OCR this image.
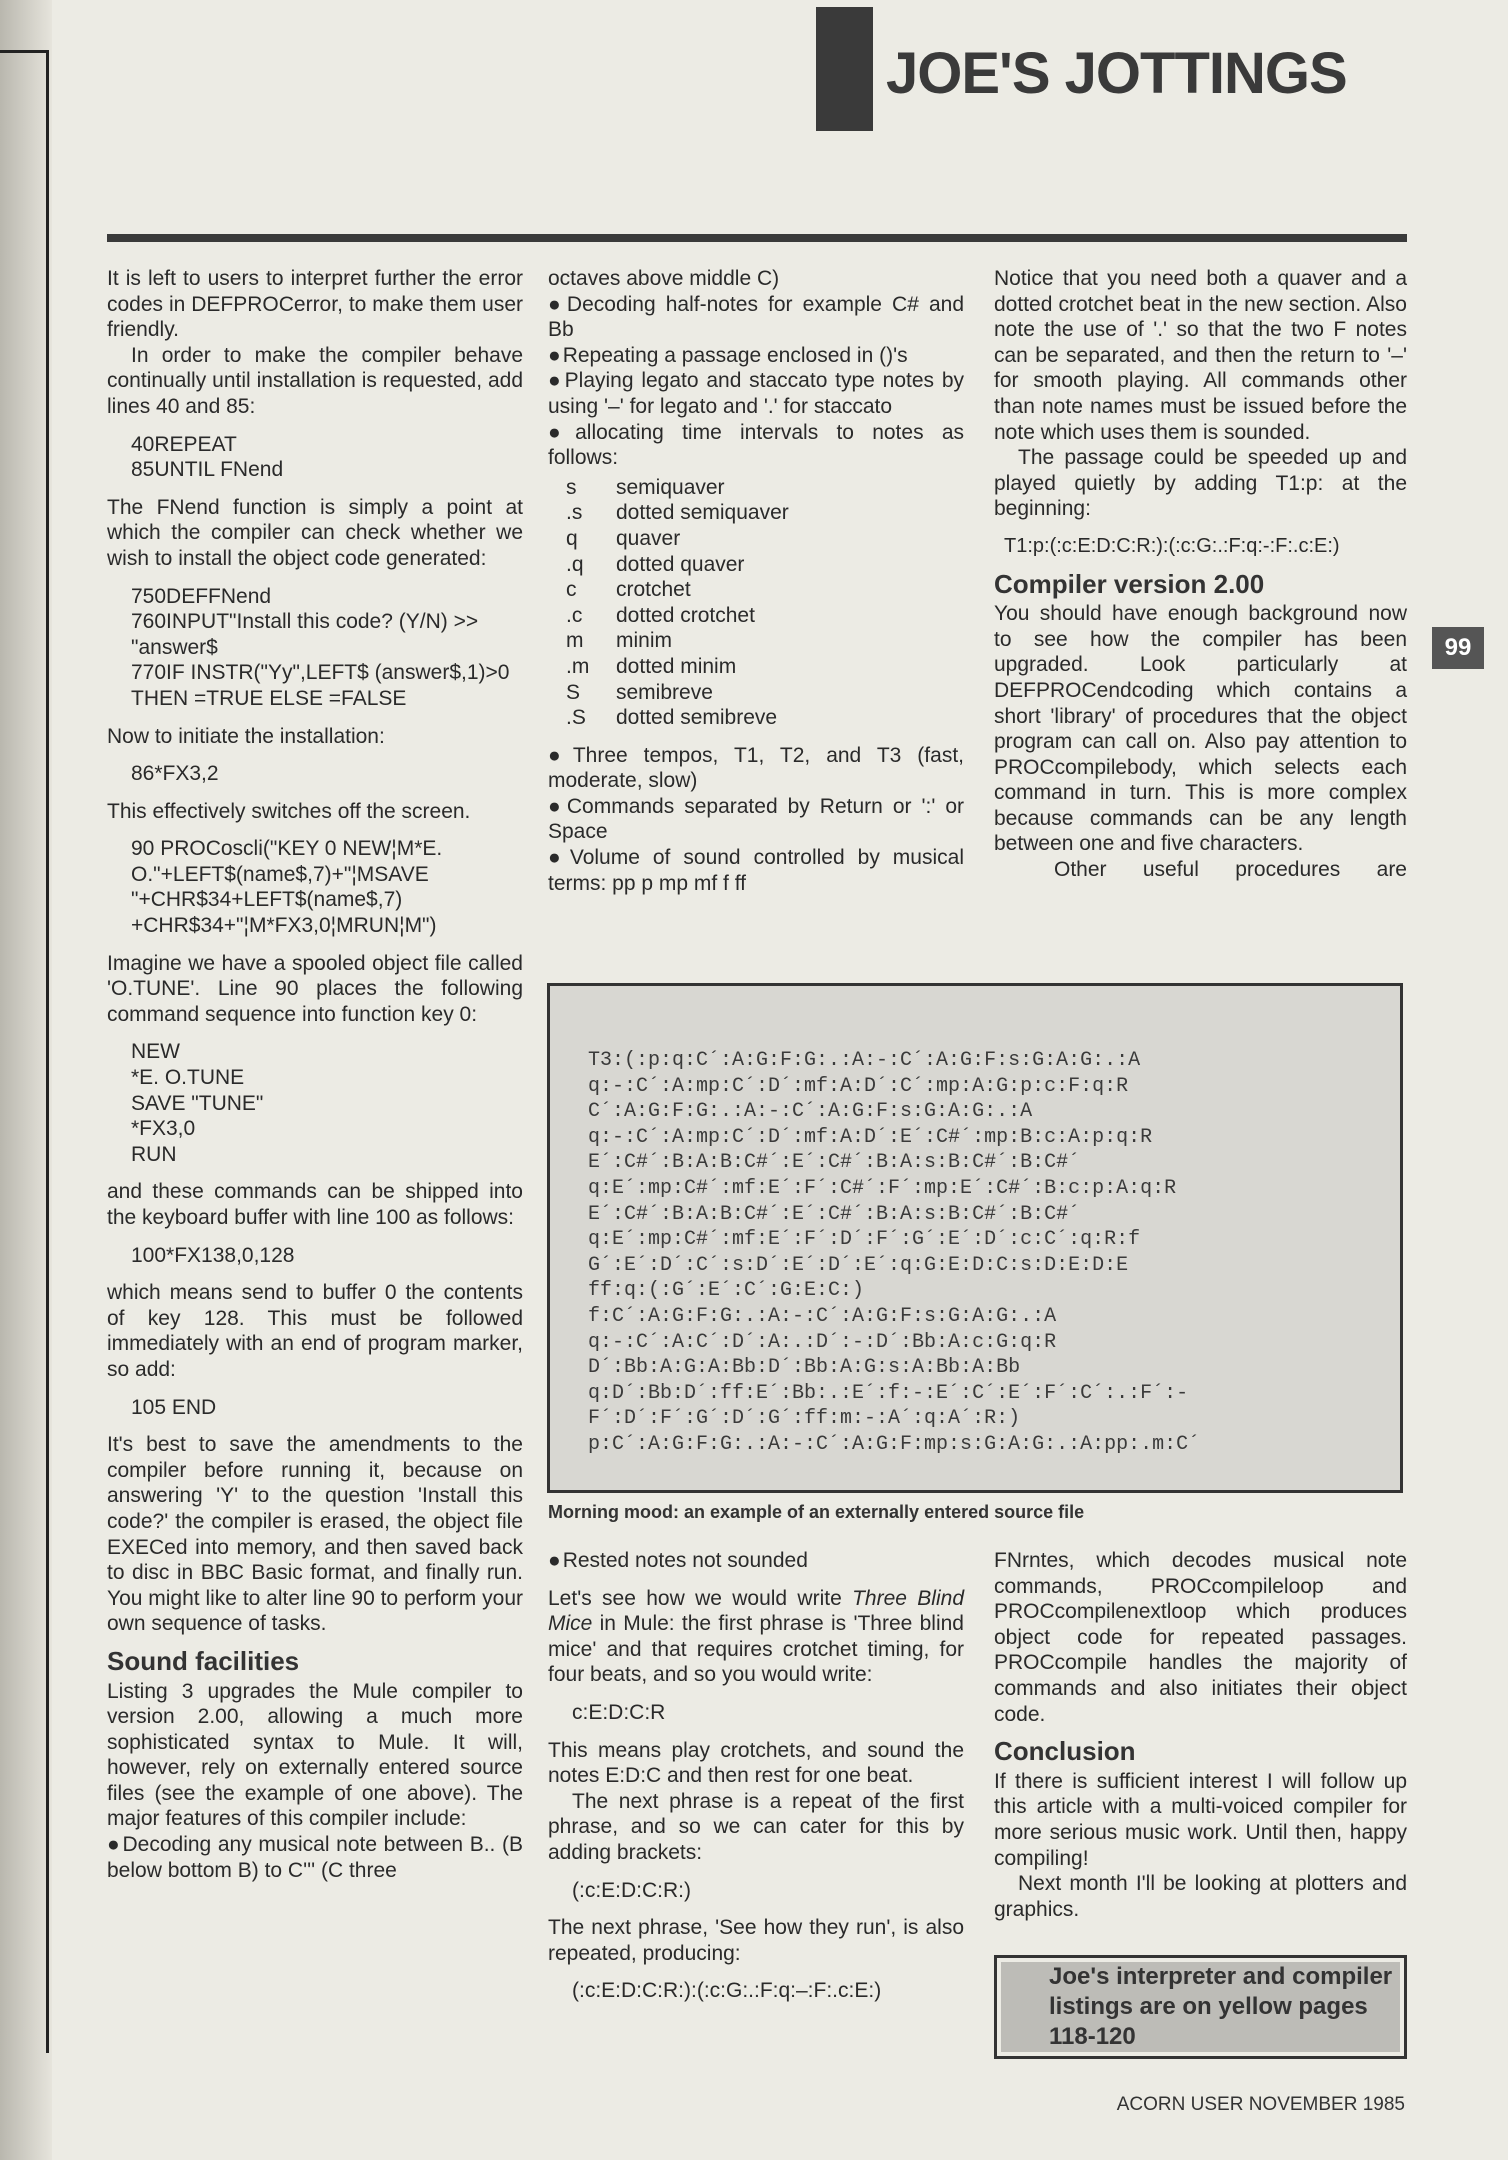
JOE'S JOTTINGS
99

It is left to users to interpret further the error codes in DEFPROCerror, to make them user friendly.

In order to make the compiler behave continually until installation is requested, add lines 40 and 85:

40REPEAT
85UNTIL FNend

The FNend function is simply a point at which the compiler can check whether we wish to install the object code generated:

750DEFFNend
760INPUT"Install this code? (Y/N) >> "answer$
770IF INSTR("Yy",LEFT$ (answer$,1)>0 THEN =TRUE ELSE =FALSE

Now to initiate the installation:

86*FX3,2

This effectively switches off the screen.

90 PROCoscli("KEY 0 NEW¦M*E. O."+LEFT$(name$,7)+"¦MSAVE "+CHR$34+LEFT$(name$,7) +CHR$34+"¦M*FX3,0¦MRUN¦M")

Imagine we have a spooled object file called 'O.TUNE'. Line 90 places the following command sequence into function key 0:

NEW
*E. O.TUNE
SAVE "TUNE"
*FX3,0
RUN

and these commands can be shipped into the keyboard buffer with line 100 as follows:

100*FX138,0,128

which means send to buffer 0 the contents of key 128. This must be followed immediately with an end of program marker, so add:

105 END

It's best to save the amendments to the compiler before running it, because on answering 'Y' to the question 'Install this code?' the compiler is erased, the object file EXECed into memory, and then saved back to disc in BBC Basic format, and finally run. You might like to alter line 90 to perform your own sequence of tasks.

Sound facilities

Listing 3 upgrades the Mule compiler to version 2.00, allowing a much more sophisticated syntax to Mule. It will, however, rely on externally entered source files (see the example of one above). The major features of this compiler include:

● Decoding any musical note between B.. (B below bottom B) to C''' (C three

octaves above middle C)

● Decoding half-notes for example C# and Bb

● Repeating a passage enclosed in ()'s

● Playing legato and staccato type notes by using '–' for legato and '.' for staccato

● allocating time intervals to notes as follows:

s	semiquaver
.s	dotted semiquaver
q	quaver
.q	dotted quaver
c	crotchet
.c	dotted crotchet
m	minim
.m	dotted minim
S	semibreve
.S	dotted semibreve

● Three tempos, T1, T2, and T3 (fast, moderate, slow)

● Commands separated by Return or ':' or Space

● Volume of sound controlled by musical terms: pp p mp mf f ff

Notice that you need both a quaver and a dotted crotchet beat in the new section. Also note the use of '.' so that the two F notes can be separated, and then the return to '–' for smooth playing. All commands other than note names must be issued before the note which uses them is sounded.

The passage could be speeded up and played quietly by adding T1:p: at the beginning:

T1:p:(:c:E:D:C:R:):(:c:G:.:F:q:-:F:.c:E:)
Compiler version 2.00

You should have enough background now to see how the compiler has been upgraded. Look particularly at DEFPROCendcoding which contains a short 'library' of procedures that the object program can call on. Also pay attention to PROCcompilebody, which selects each command in turn. This is more complex because commands can be any length between one and five characters.

Other useful procedures are

T3:(:p:q:C´:A:G:F:G:.:A:-:C´:A:G:F:s:G:A:G:.:A
q:-:C´:A:mp:C´:D´:mf:A:D´:C´:mp:A:G:p:c:F:q:R
C´:A:G:F:G:.:A:-:C´:A:G:F:s:G:A:G:.:A
q:-:C´:A:mp:C´:D´:mf:A:D´:E´:C#´:mp:B:c:A:p:q:R
E´:C#´:B:A:B:C#´:E´:C#´:B:A:s:B:C#´:B:C#´
q:E´:mp:C#´:mf:E´:F´:C#´:F´:mp:E´:C#´:B:c:p:A:q:R
E´:C#´:B:A:B:C#´:E´:C#´:B:A:s:B:C#´:B:C#´
q:E´:mp:C#´:mf:E´:F´:D´:F´:G´:E´:D´:c:C´:q:R:f
G´:E´:D´:C´:s:D´:E´:D´:E´:q:G:E:D:C:s:D:E:D:E
ff:q:(:G´:E´:C´:G:E:C:)
f:C´:A:G:F:G:.:A:-:C´:A:G:F:s:G:A:G:.:A
q:-:C´:A:C´:D´:A:.:D´:-:D´:Bb:A:c:G:q:R
D´:Bb:A:G:A:Bb:D´:Bb:A:G:s:A:Bb:A:Bb
q:D´:Bb:D´:ff:E´:Bb:.:E´:f:-:E´:C´:E´:F´:C´:.:F´:-
F´:D´:F´:G´:D´:G´:ff:m:-:A´:q:A´:R:)
p:C´:A:G:F:G:.:A:-:C´:A:G:F:mp:s:G:A:G:.:A:pp:.m:C´
Morning mood: an example of an externally entered source file

● Rested notes not sounded

Let's see how we would write Three Blind Mice in Mule: the first phrase is 'Three blind mice' and that requires crotchet timing, for four beats, and so you would write:

c:E:D:C:R

This means play crotchets, and sound the notes E:D:C and then rest for one beat.

The next phrase is a repeat of the first phrase, and so we can cater for this by adding brackets:

(:c:E:D:C:R:)

The next phrase, 'See how they run', is also repeated, producing:

(:c:E:D:C:R:):(:c:G:.:F:q:–:F:.c:E:)

FNrntes, which decodes musical note commands, PROCcompileloop and PROCcompilenextloop which produces object code for repeated passages. PROCcompile handles the majority of commands and also initiates their object code.

Conclusion

If there is sufficient interest I will follow up this article with a multi-voiced compiler for more serious music work. Until then, happy compiling!

Next month I'll be looking at plotters and graphics.

Joe's interpreter and compiler listings are on yellow pages 118-120
ACORN USER NOVEMBER 1985
